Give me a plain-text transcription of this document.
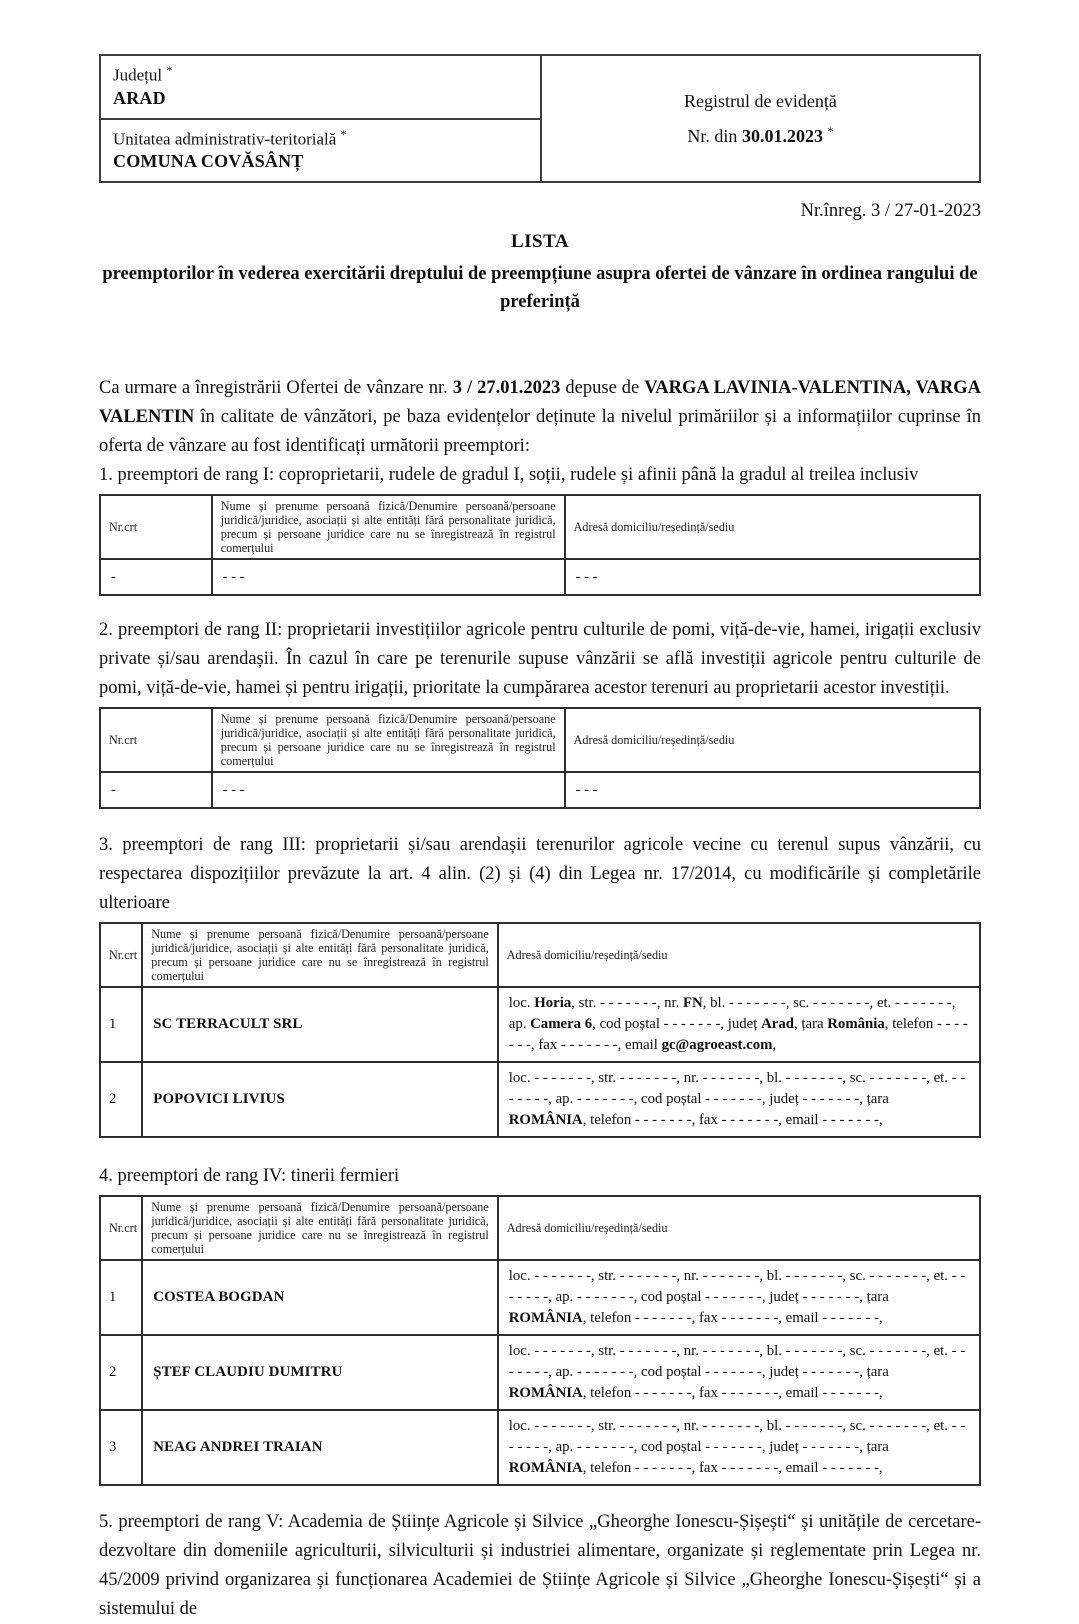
Județul *
ARAD	Registrul de evidență
Nr. din 30.01.2023 *

Unitatea administrativ-teritorială *
COMUNA COVĂSÂNȚ
Nr.înreg. 3 / 27-01-2023
LISTA
preemptorilor în vederea exercitării dreptului de preempțiune asupra ofertei de vânzare în ordinea rangului de preferință

Ca urmare a înregistrării Ofertei de vânzare nr. 3 / 27.01.2023 depuse de VARGA LAVINIA-VALENTINA, VARGA VALENTIN în calitate de vânzători, pe baza evidențelor deținute la nivelul primăriilor și a informațiilor cuprinse în oferta de vânzare au fost identificați următorii preemptori:

1. preemptori de rang I: coproprietarii, rudele de gradul I, soții, rudele și afinii până la gradul al treilea inclusiv

Nr.crt	Nume și prenume persoană fizică/Denumire persoană/persoane juridică/juridice, asociații și alte entități fără personalitate juridică, precum și persoane juridice care nu se înregistrează în registrul comerțului	Adresă domiciliu/reședință/sediu
-	- - -	- - -

2. preemptori de rang II: proprietarii investițiilor agricole pentru culturile de pomi, viță-de-vie, hamei, irigații exclusiv private și/sau arendașii. În cazul în care pe terenurile supuse vânzării se află investiții agricole pentru culturile de pomi, viță-de-vie, hamei și pentru irigații, prioritate la cumpărarea acestor terenuri au proprietarii acestor investiții.

Nr.crt	Nume și prenume persoană fizică/Denumire persoană/persoane juridică/juridice, asociații și alte entități fără personalitate juridică, precum și persoane juridice care nu se înregistrează în registrul comerțului	Adresă domiciliu/reședință/sediu
-	- - -	- - -

3. preemptori de rang III: proprietarii și/sau arendașii terenurilor agricole vecine cu terenul supus vânzării, cu respectarea dispozițiilor prevăzute la art. 4 alin. (2) și (4) din Legea nr. 17/2014, cu modificările și completările ulterioare

Nr.crt	Nume și prenume persoană fizică/Denumire persoană/persoane juridică/juridice, asociații și alte entități fără personalitate juridică, precum și persoane juridice care nu se înregistrează în registrul comerțului	Adresă domiciliu/reședință/sediu
1	SC TERRACULT SRL	loc. Horia, str. - - - - - - -, nr. FN, bl. - - - - - - -, sc. - - - - - - -, et. - - - - - - -, ap. Camera 6, cod poștal - - - - - - -, județ Arad, țara România, telefon - - - - - - -, fax - - - - - - -, email gc@agroeast.com,
2	POPOVICI LIVIUS	loc. - - - - - - -, str. - - - - - - -, nr. - - - - - - -, bl. - - - - - - -, sc. - - - - - - -, et. - - - - - - -, ap. - - - - - - -, cod poștal - - - - - - -, județ - - - - - - -, țara ROMÂNIA, telefon - - - - - - -, fax - - - - - - -, email - - - - - - -,

4. preemptori de rang IV: tinerii fermieri

Nr.crt	Nume și prenume persoană fizică/Denumire persoană/persoane juridică/juridice, asociații și alte entități fără personalitate juridică, precum și persoane juridice care nu se înregistrează în registrul comerțului	Adresă domiciliu/reședință/sediu
1	COSTEA BOGDAN	loc. - - - - - - -, str. - - - - - - -, nr. - - - - - - -, bl. - - - - - - -, sc. - - - - - - -, et. - - - - - - -, ap. - - - - - - -, cod poștal - - - - - - -, județ - - - - - - -, țara ROMÂNIA, telefon - - - - - - -, fax - - - - - - -, email - - - - - - -,
2	ȘTEF CLAUDIU DUMITRU	loc. - - - - - - -, str. - - - - - - -, nr. - - - - - - -, bl. - - - - - - -, sc. - - - - - - -, et. - - - - - - -, ap. - - - - - - -, cod poștal - - - - - - -, județ - - - - - - -, țara ROMÂNIA, telefon - - - - - - -, fax - - - - - - -, email - - - - - - -,
3	NEAG ANDREI TRAIAN	loc. - - - - - - -, str. - - - - - - -, nr. - - - - - - -, bl. - - - - - - -, sc. - - - - - - -, et. - - - - - - -, ap. - - - - - - -, cod poștal - - - - - - -, județ - - - - - - -, țara ROMÂNIA, telefon - - - - - - -, fax - - - - - - -, email - - - - - - -,

5. preemptori de rang V: Academia de Științe Agricole și Silvice „Gheorghe Ionescu-Șișești“ și unitățile de cercetare-dezvoltare din domeniile agriculturii, silviculturii și industriei alimentare, organizate și reglementate prin Legea nr. 45/2009 privind organizarea și funcționarea Academiei de Științe Agricole și Silvice „Gheorghe Ionescu-Șișești“ și a sistemului de
